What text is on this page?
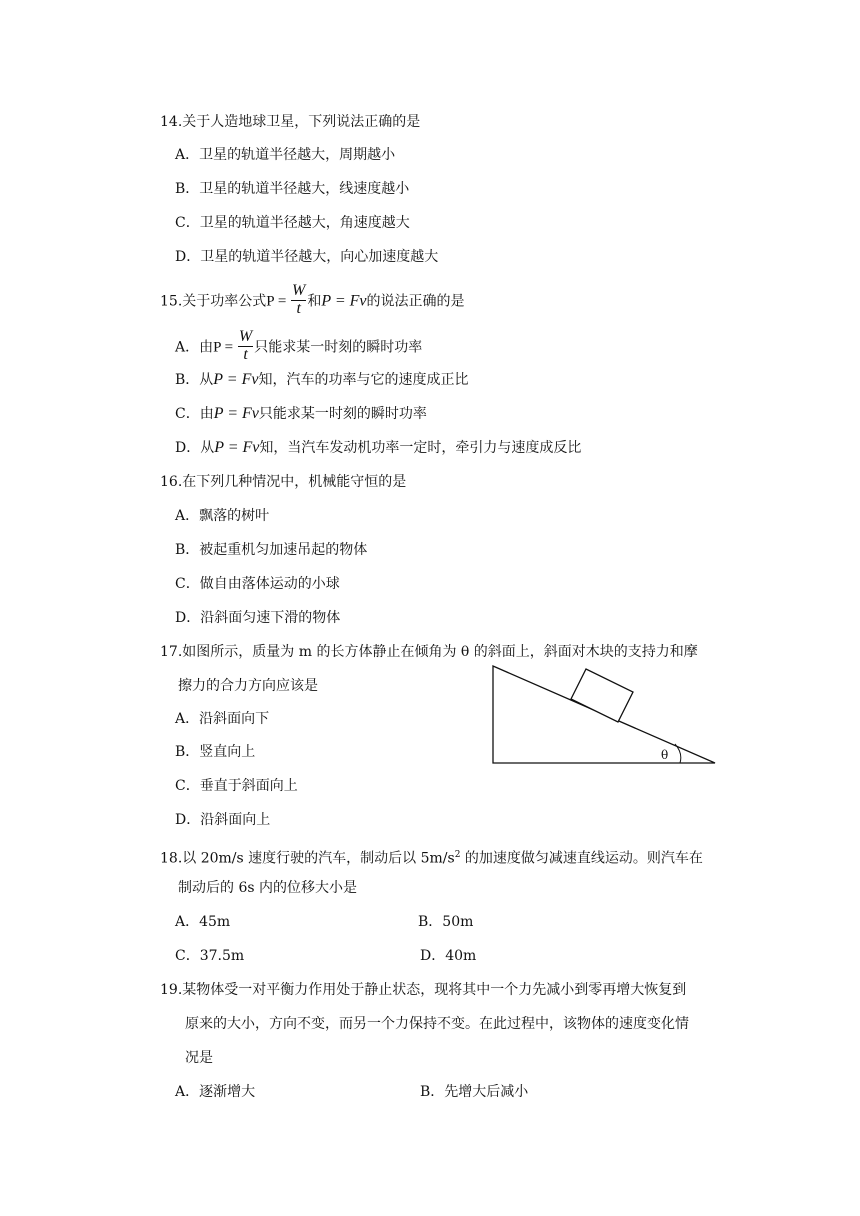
14.关于人造地球卫星，下列说法正确的是
A．卫星的轨道半径越大，周期越小
B．卫星的轨道半径越大，线速度越小
C．卫星的轨道半径越大，角速度越大
D．卫星的轨道半径越大，向心加速度越大
15.关于功率公式$P = \frac{W}{t}$ 和P = Fv的说法正确的是
A．由$P = \frac{W}{t}$ 只能求某一时刻的瞬时功率
B．从P = Fv知，汽车的功率与它的速度成正比
C．由P = Fv只能求某一时刻的瞬时功率
D．从P = Fv知，当汽车发动机功率一定时，牵引力与速度成反比
16.在下列几种情况中，机械能守恒的是
A．飘落的树叶
B．被起重机匀加速吊起的物体
C．做自由落体运动的小球
D．沿斜面匀速下滑的物体
17.如图所示，质量为 m 的长方体静止在倾角为 θ 的斜面上，斜面对木块的支持力和摩
擦力的合力方向应该是
A．沿斜面向下
B．竖直向上
C．垂直于斜面向上
D．沿斜面向上
θ
18.以 20m/s 速度行驶的汽车，制动后以 $5m/s^2$ 的加速度做匀减速直线运动。则汽车在
制动后的 6s 内的位移大小是
A．45m	B．50m
C．37.5m	D．40m
19.某物体受一对平衡力作用处于静止状态，现将其中一个力先减小到零再增大恢复到
原来的大小，方向不变，而另一个力保持不变。在此过程中，该物体的速度变化情
况是
A．逐渐增大	B．先增大后减小
